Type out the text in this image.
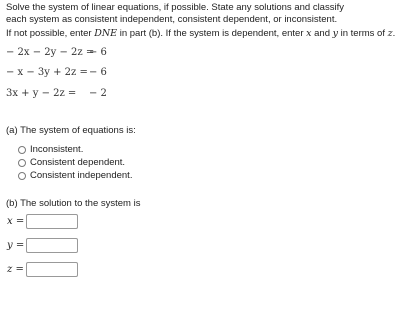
Solve the system of linear equations, if possible. State any solutions and classify each system as consistent independent, consistent dependent, or inconsistent.
If not possible, enter DNE in part (b). If the system is dependent, enter x and y in terms of z
− 2x − 2y − 2z =
− 6
− x − 3y + 2z = − 6
3x + y − 2z = − 2
(a) The system of equations is:
Inconsistent.
Consistent dependent.
Consistent independent.
(b) The solution to the system is
x =
y =
z =
